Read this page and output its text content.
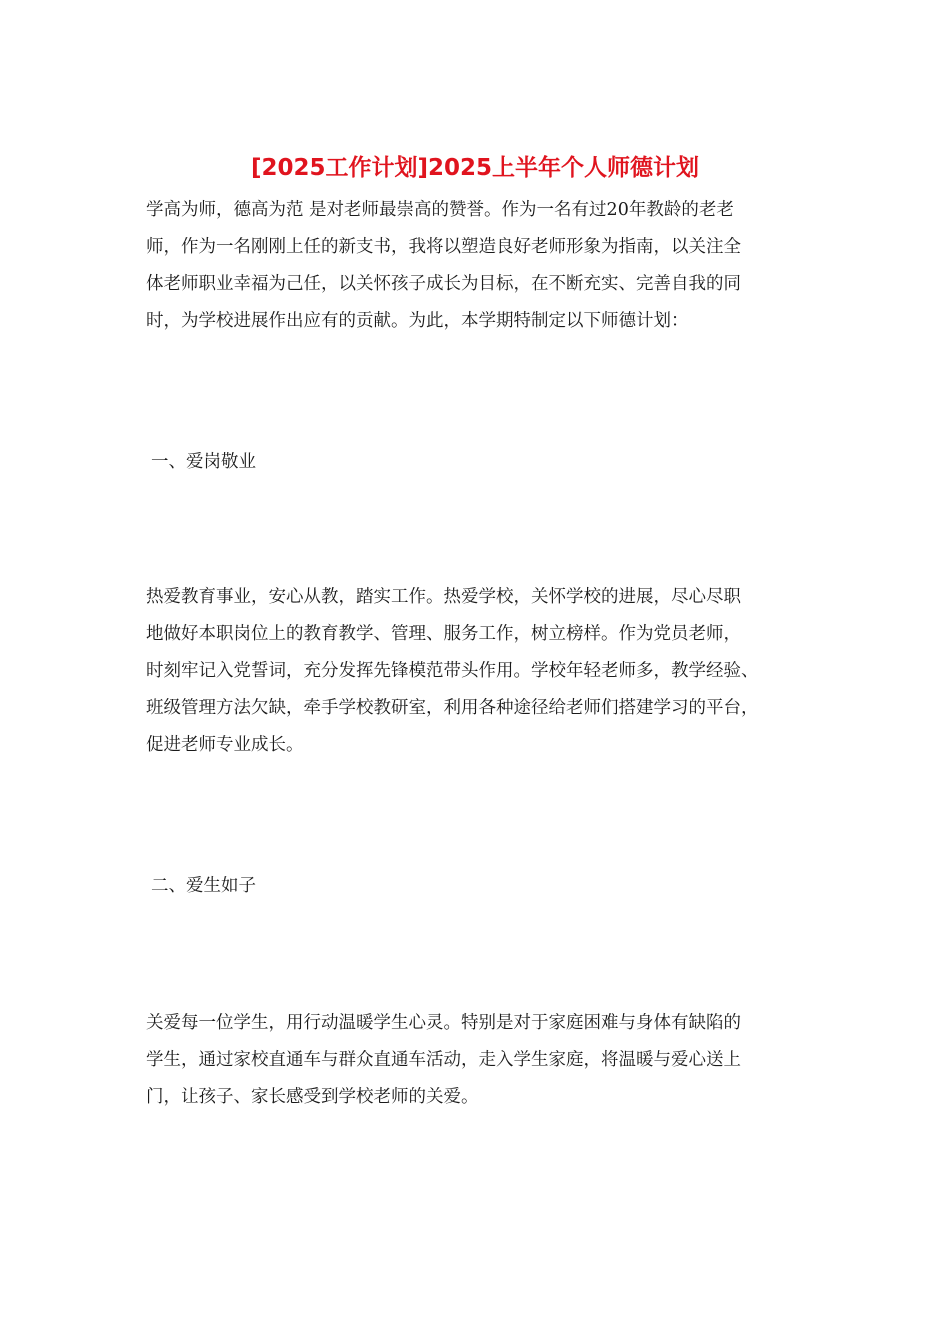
[2025工作计划]2025上半年个人师德计划
学高为师，德高为范 是对老师最崇高的赞誉。作为一名有过20年教龄的老老
师，作为一名刚刚上任的新支书，我将以塑造良好老师形象为指南，以关注全
体老师职业幸福为己任，以关怀孩子成长为目标，在不断充实、完善自我的同
时，为学校进展作出应有的贡献。为此，本学期特制定以下师德计划：

一、爱岗敬业

热爱教育事业，安心从教，踏实工作。热爱学校，关怀学校的进展，尽心尽职
地做好本职岗位上的教育教学、管理、服务工作，树立榜样。作为党员老师，
时刻牢记入党誓词，充分发挥先锋模范带头作用。学校年轻老师多，教学经验、
班级管理方法欠缺，牵手学校教研室，利用各种途径给老师们搭建学习的平台，
促进老师专业成长。

二、爱生如子

关爱每一位学生，用行动温暖学生心灵。特别是对于家庭困难与身体有缺陷的
学生，通过家校直通车与群众直通车活动，走入学生家庭，将温暖与爱心送上
门，让孩子、家长感受到学校老师的关爱。
